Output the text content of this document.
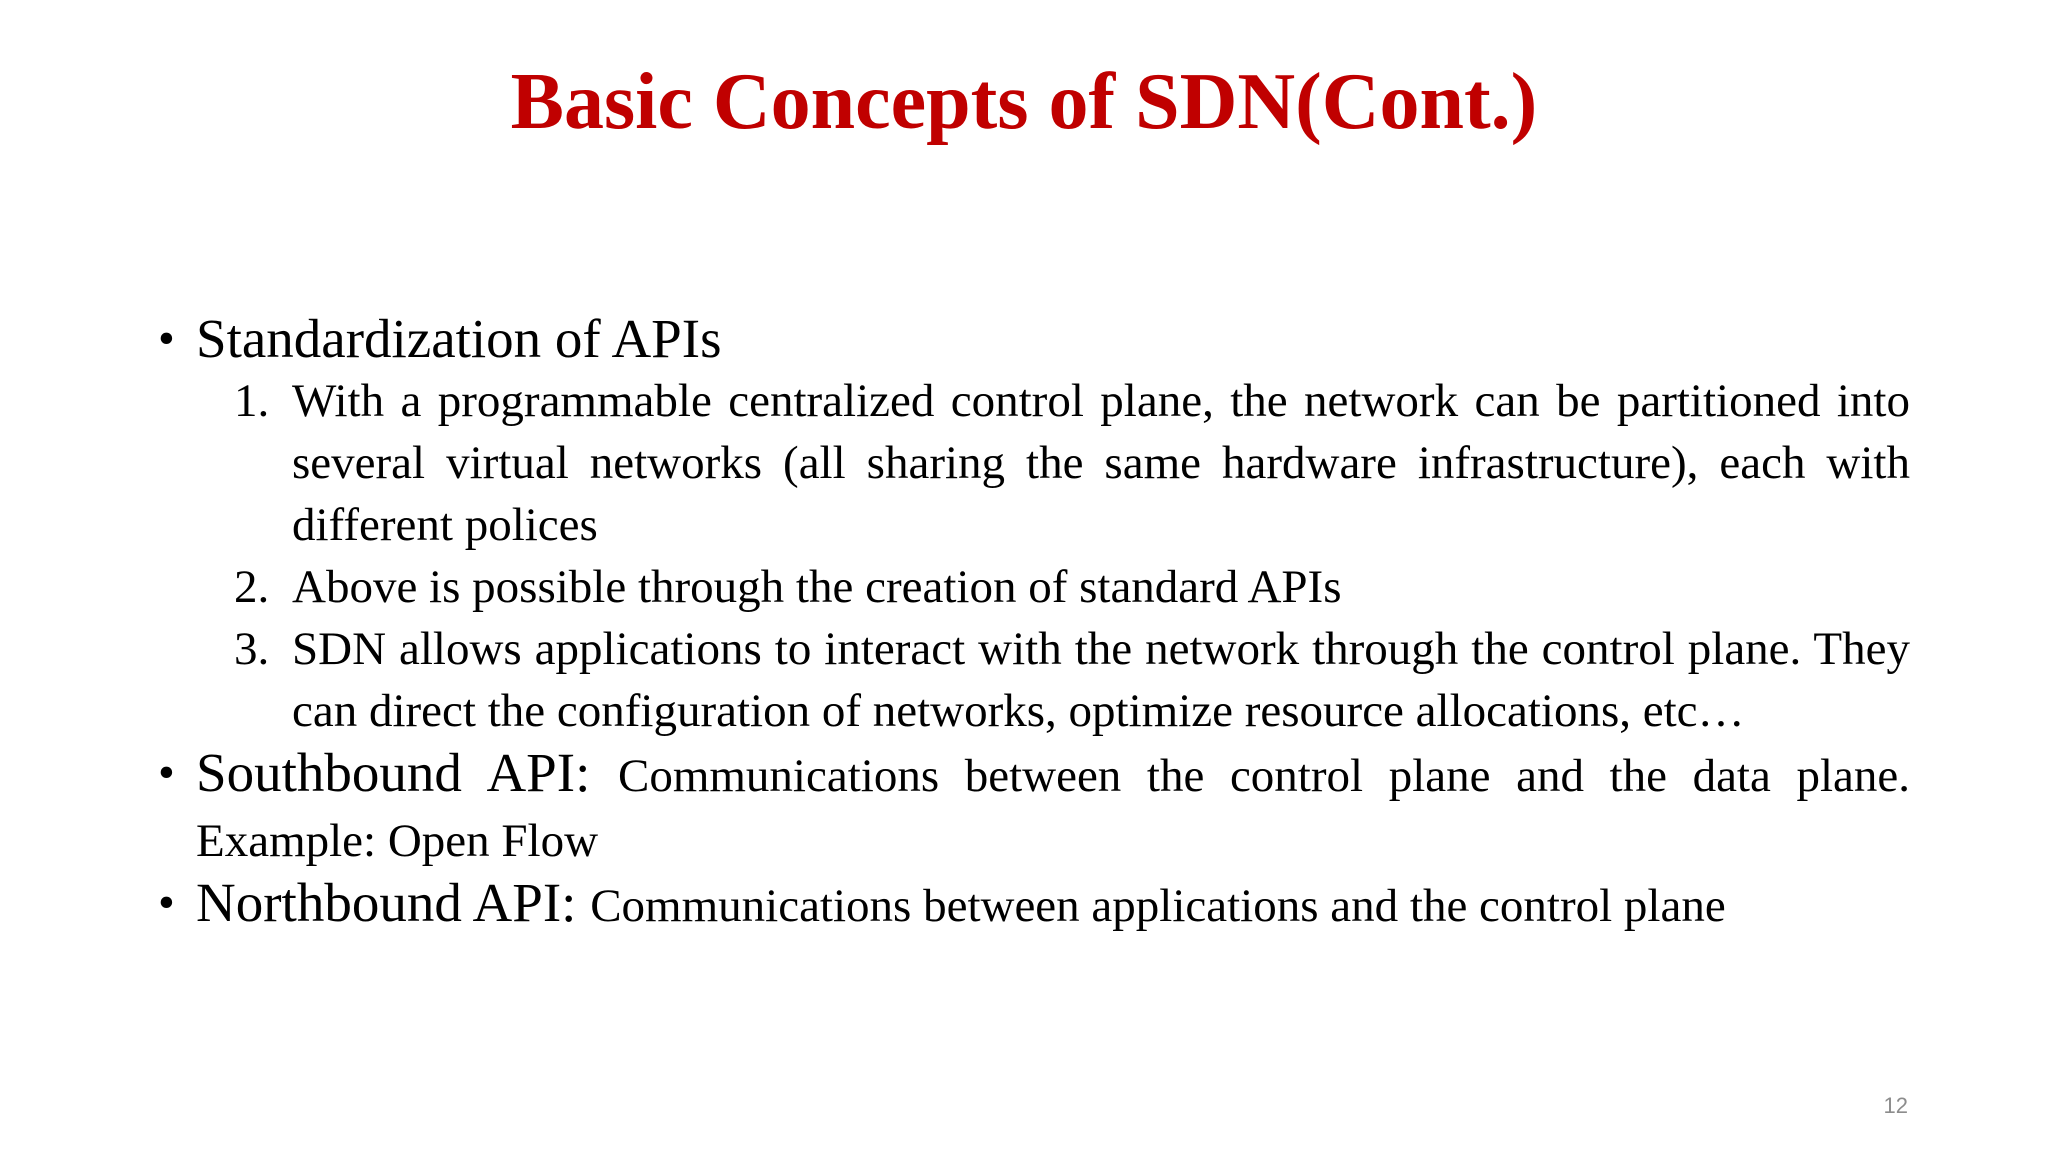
Basic Concepts of SDN(Cont.)
• Standardization of APIs
1. With a programmable centralized control plane, the network can be partitioned into several virtual networks (all sharing the same hardware infrastructure), each with different polices
2. Above is possible through the creation of standard APIs
3. SDN allows applications to interact with the network through the control plane. They can direct the configuration of networks, optimize resource allocations, etc…
• Southbound API: Communications between the control plane and the data plane. Example: Open Flow
• Northbound API: Communications between applications and the control plane
12
